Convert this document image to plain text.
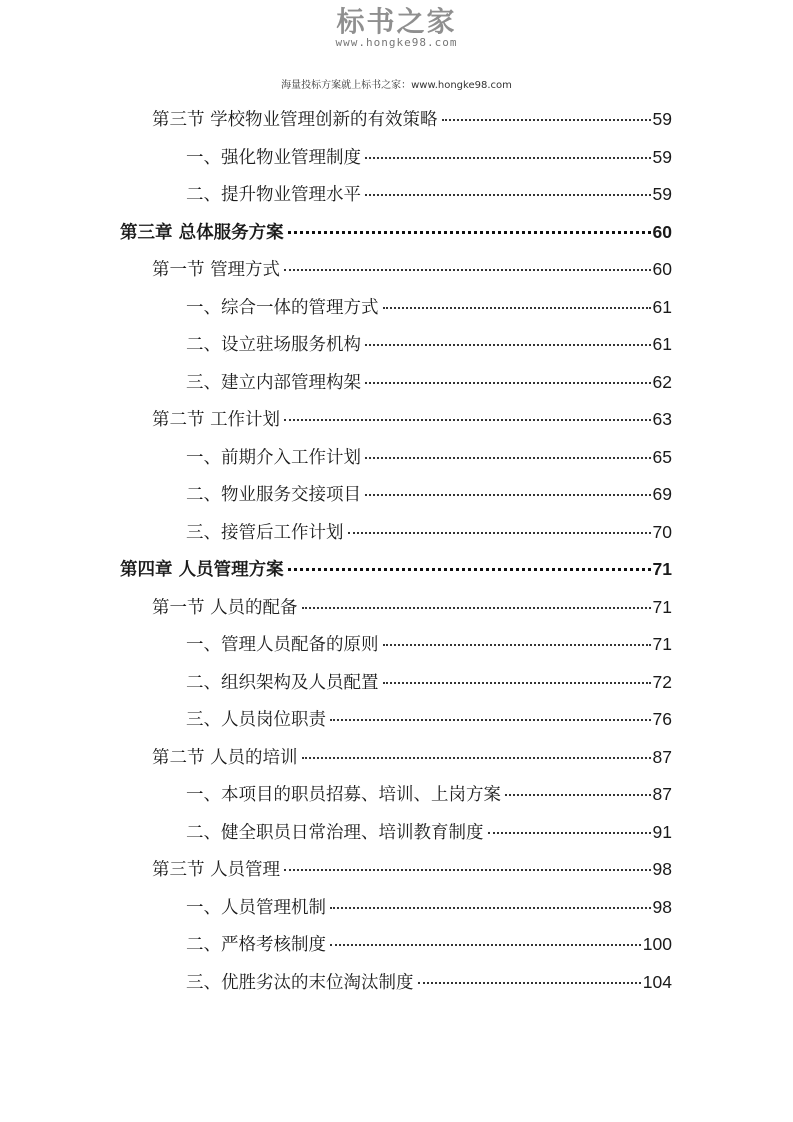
标书之家
www.hongke98.com
海量投标方案就上标书之家：www.hongke98.com
第三节 学校物业管理创新的有效策略	59
一、强化物业管理制度	59
二、提升物业管理水平	59
第三章 总体服务方案	60
第一节 管理方式	60
一、综合一体的管理方式	61
二、设立驻场服务机构	61
三、建立内部管理构架	62
第二节 工作计划	63
一、前期介入工作计划	65
二、物业服务交接项目	69
三、接管后工作计划	70
第四章 人员管理方案	71
第一节 人员的配备	71
一、管理人员配备的原则	71
二、组织架构及人员配置	72
三、人员岗位职责	76
第二节 人员的培训	87
一、本项目的职员招募、培训、上岗方案	87
二、健全职员日常治理、培训教育制度	91
第三节 人员管理	98
一、人员管理机制	98
二、严格考核制度	100
三、优胜劣汰的末位淘汰制度	104
